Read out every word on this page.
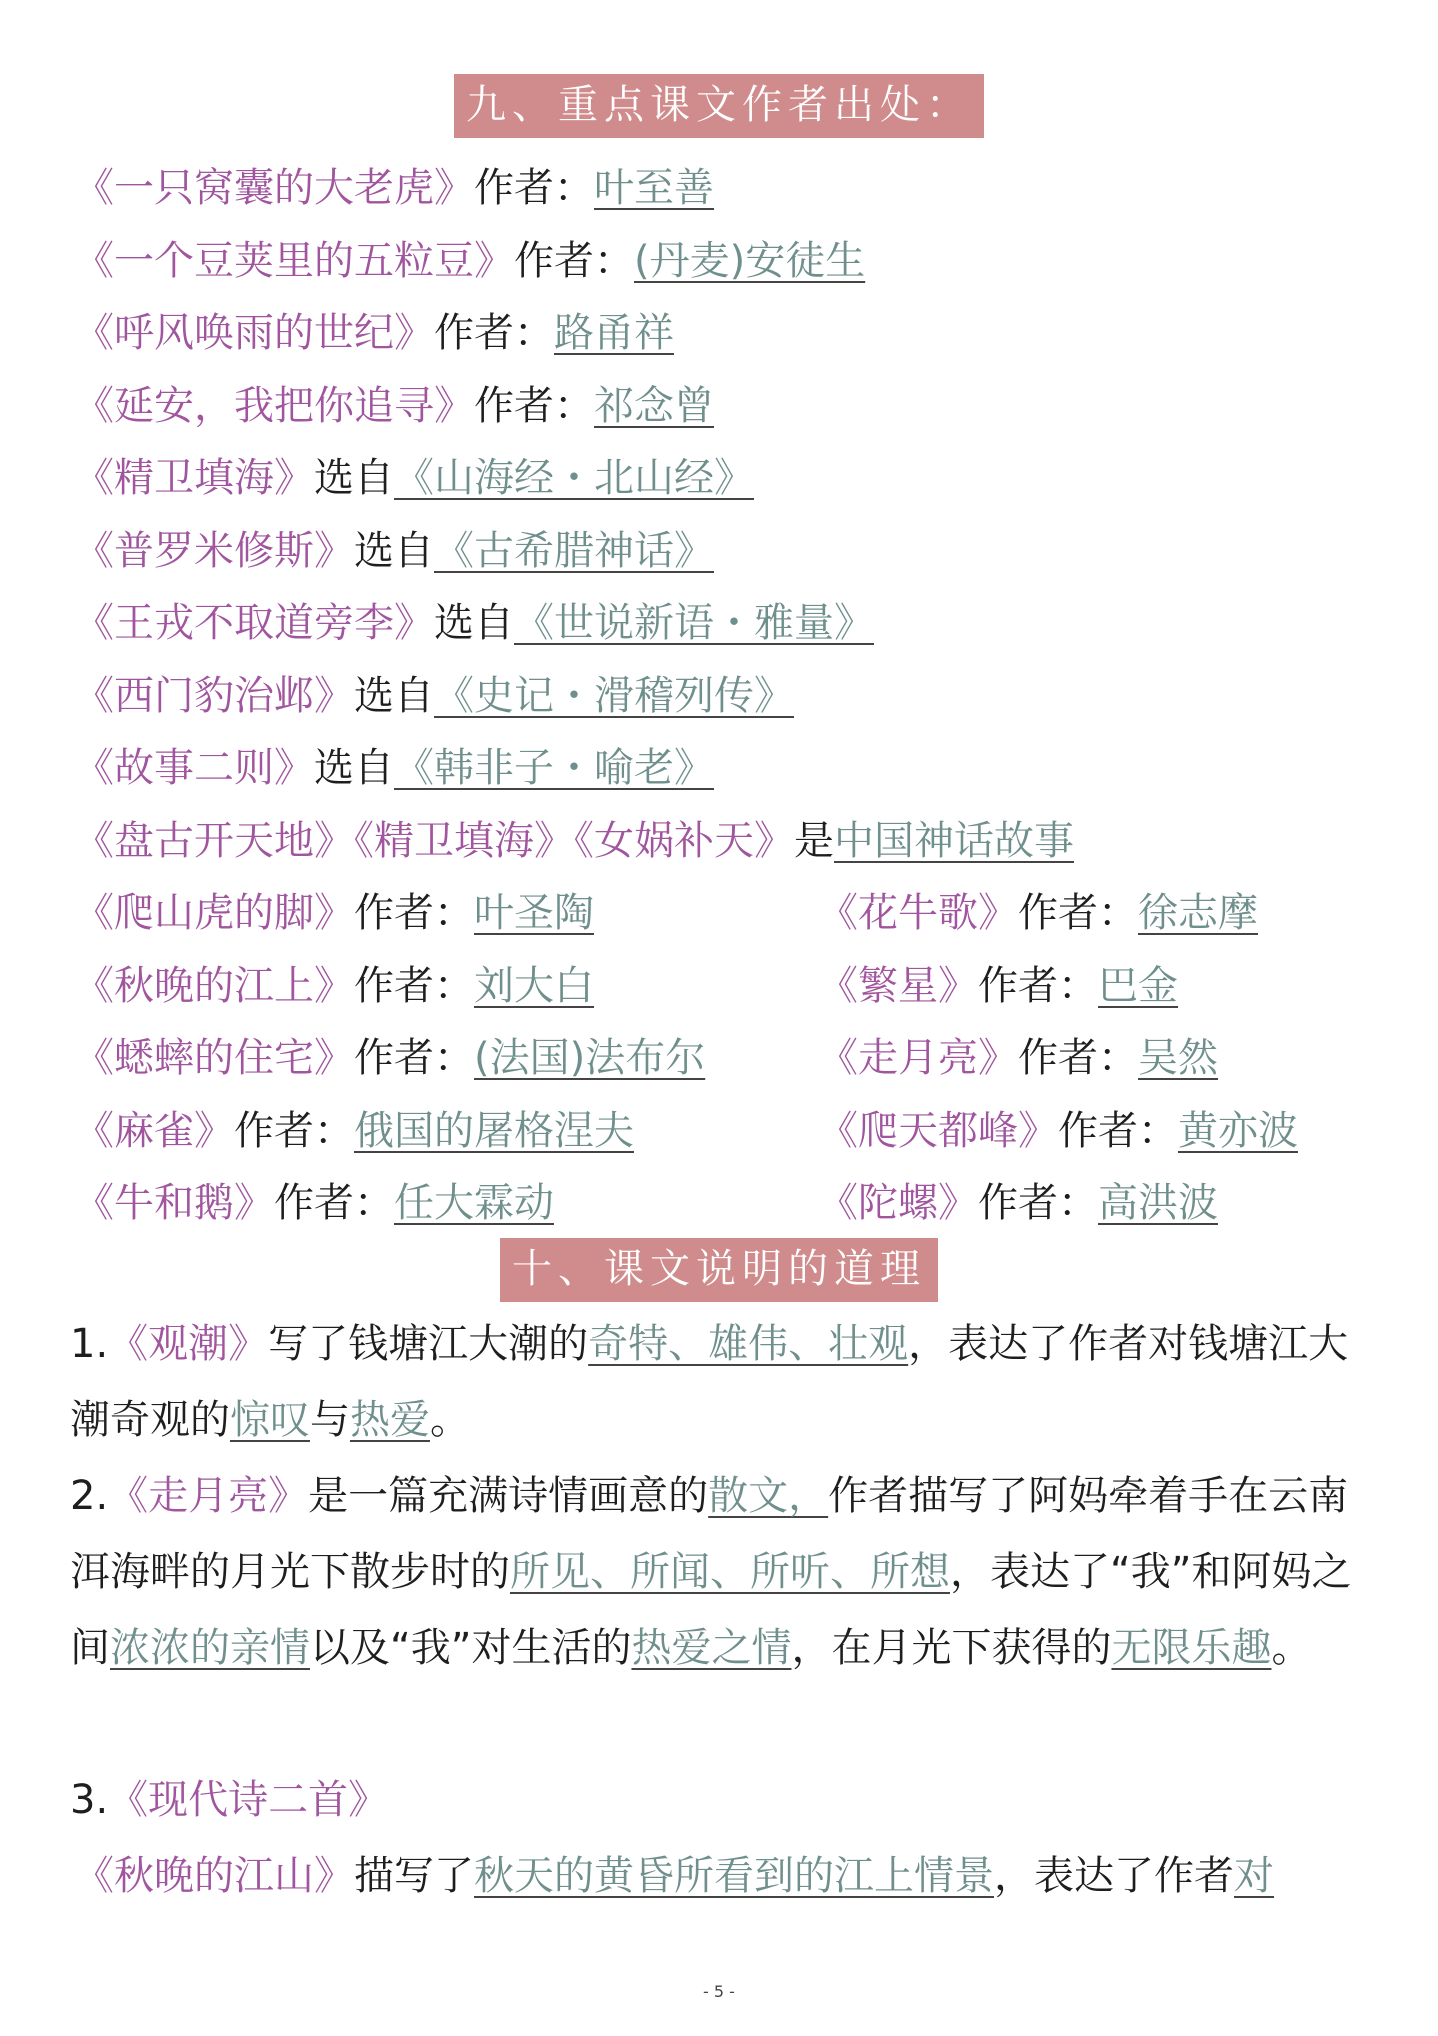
九、重点课文作者出处：
《一只窝囊的大老虎》作者：叶至善
《一个豆荚里的五粒豆》作者：(丹麦)安徒生
《呼风唤雨的世纪》作者：路甬祥
《延安，我把你追寻》作者：祁念曾
《精卫填海》选自《山海经・北山经》
《普罗米修斯》选自《古希腊神话》
《王戎不取道旁李》选自《世说新语・雅量》
《西门豹治邺》选自《史记・滑稽列传》
《故事二则》选自《韩非子・喻老》
《盘古开天地》《精卫填海》《女娲补天》是中国神话故事
《爬山虎的脚》作者：叶圣陶
《秋晚的江上》作者：刘大白
《蟋蟀的住宅》作者：(法国)法布尔
《麻雀》作者：俄国的屠格涅夫
《牛和鹅》作者：任大霖动
《花牛歌》作者：徐志摩
《繁星》作者：巴金
《走月亮》作者：吴然
《爬天都峰》作者：黄亦波
《陀螺》作者：高洪波
十、课文说明的道理
1.《观潮》写了钱塘江大潮的奇特、雄伟、壮观，表达了作者对钱塘江大潮奇观的惊叹与热爱。
2.《走月亮》是一篇充满诗情画意的散文，作者描写了阿妈牵着手在云南洱海畔的月光下散步时的所见、所闻、所听、所想，表达了“我”和阿妈之间浓浓的亲情以及“我”对生活的热爱之情，在月光下获得的无限乐趣。
3.《现代诗二首》
《秋晚的江山》描写了秋天的黄昏所看到的江上情景，表达了作者对
- 5 -
